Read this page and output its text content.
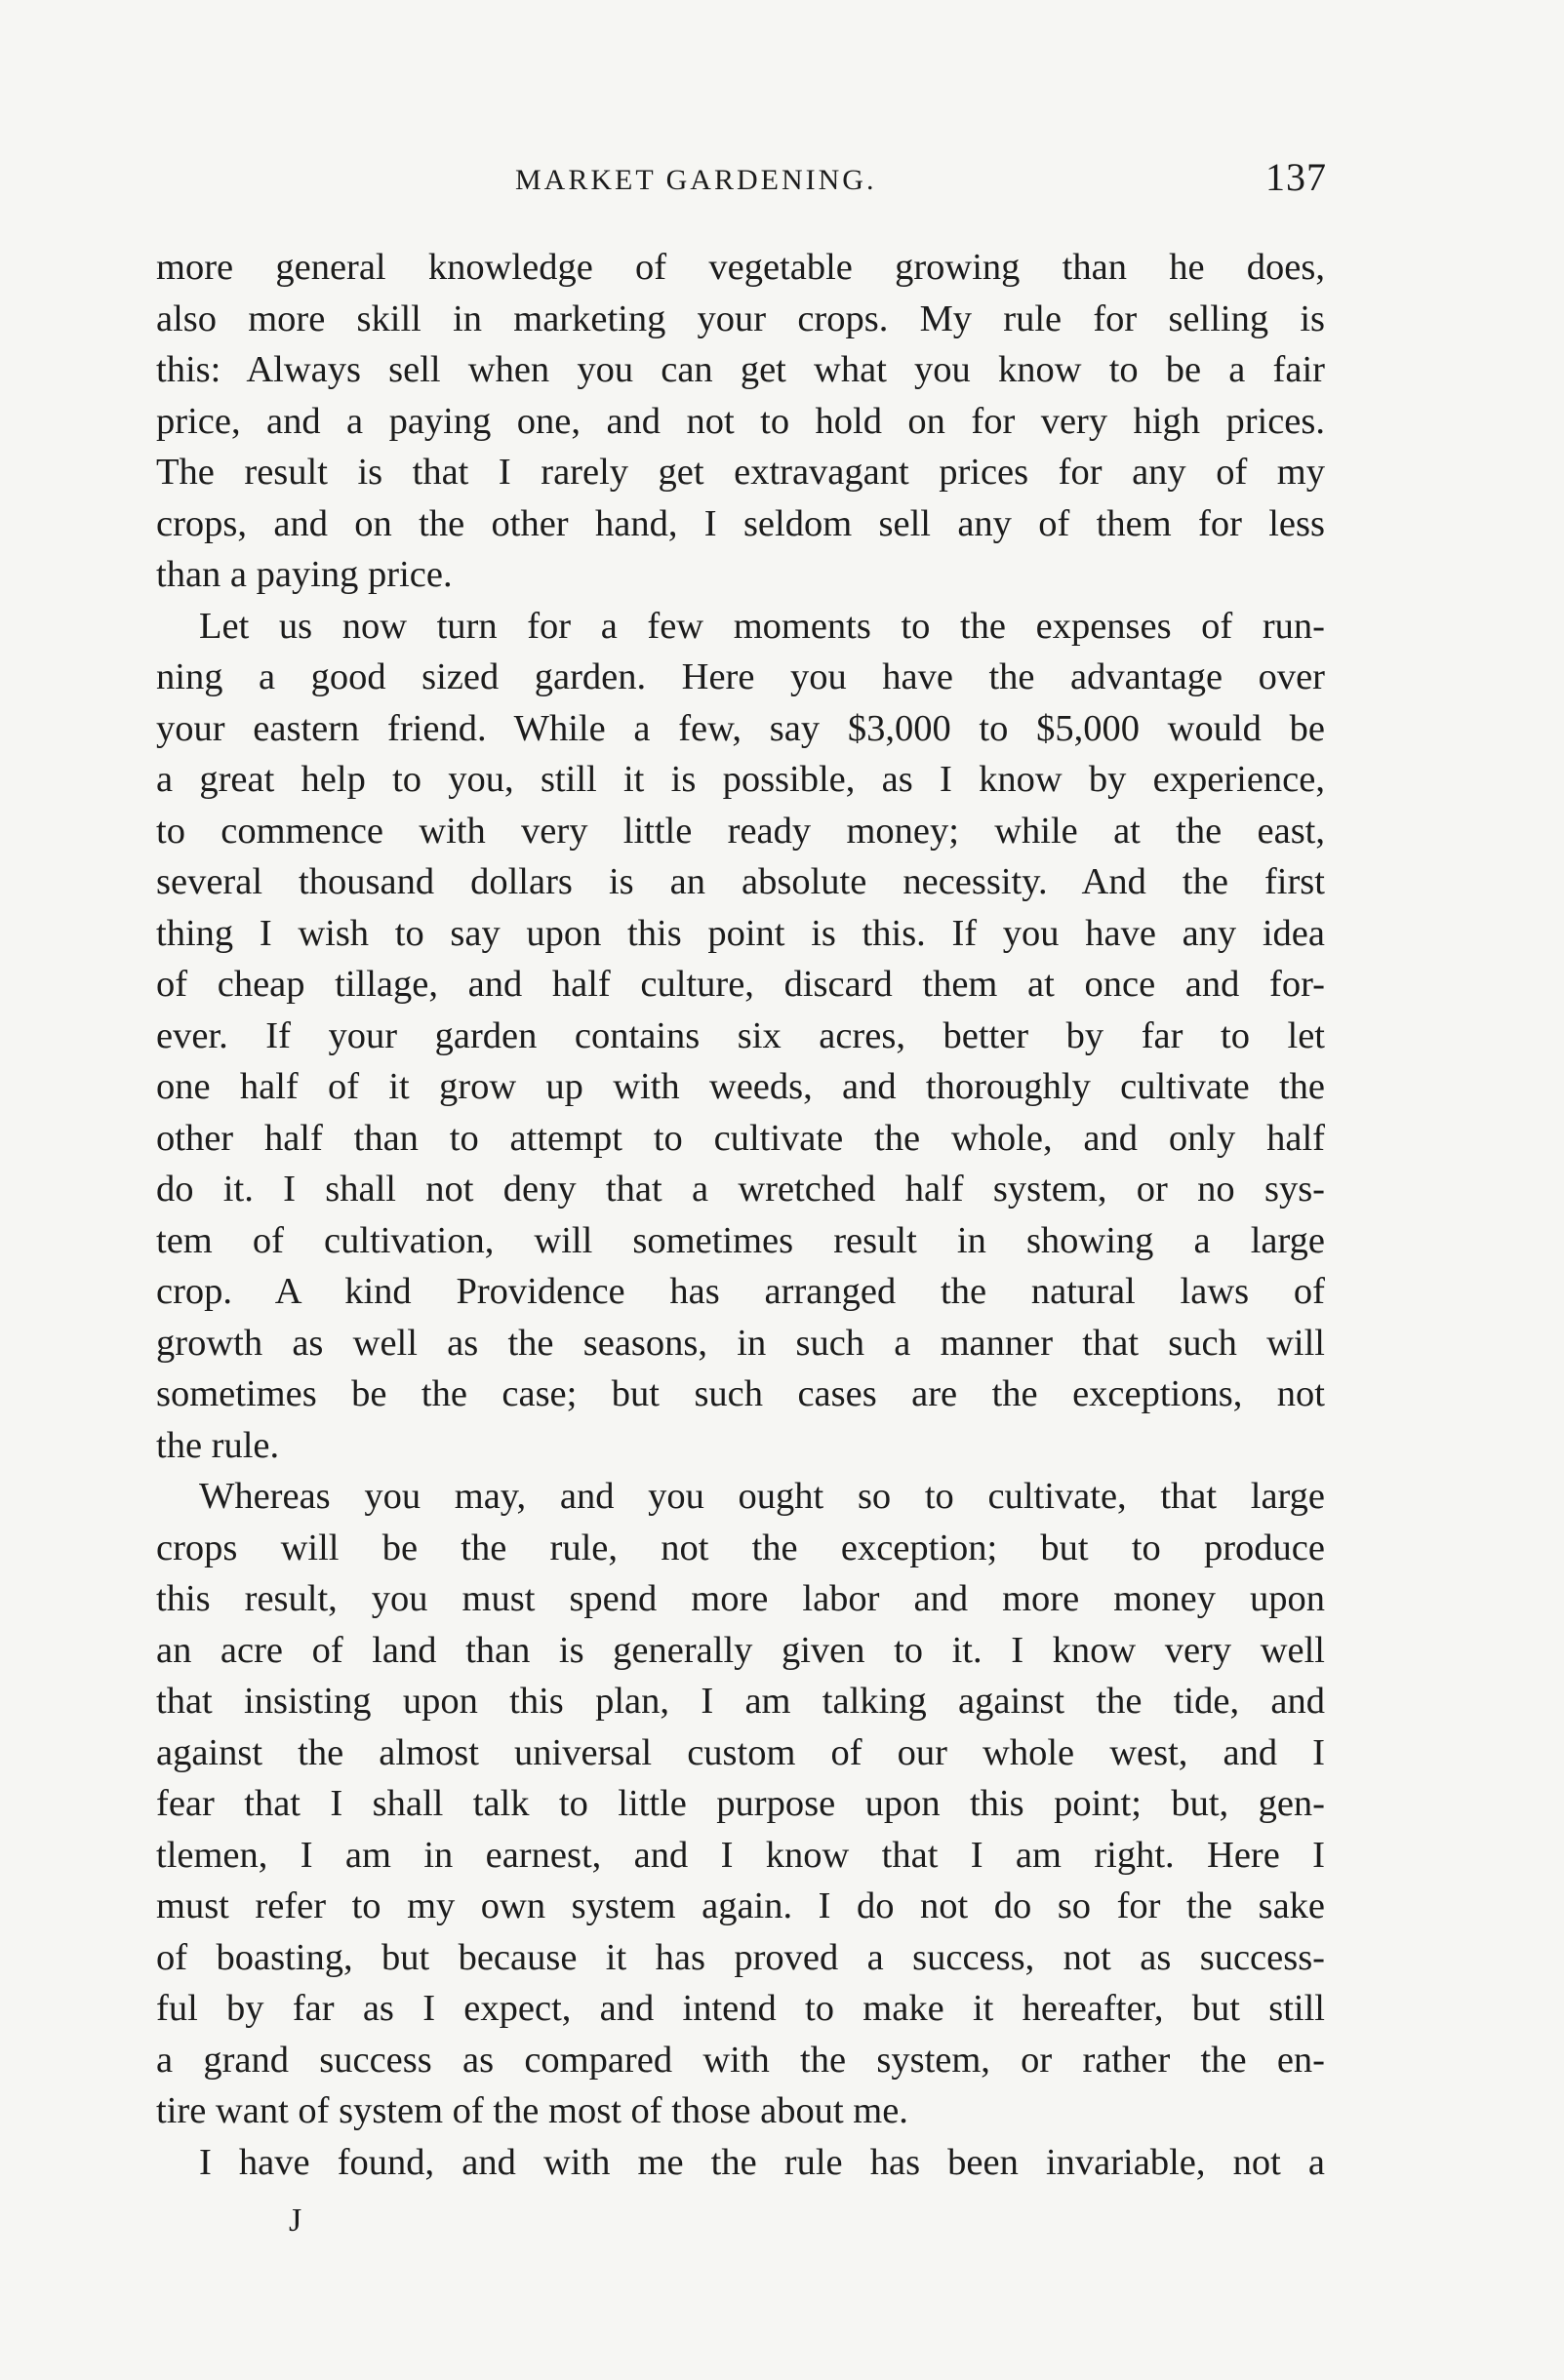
MARKET GARDENING.	137
more general knowledge of vegetable growing than he does,
also more skill in marketing your crops. My rule for selling is
this: Always sell when you can get what you know to be a fair
price, and a paying one, and not to hold on for very high prices.
The result is that I rarely get extravagant prices for any of my
crops, and on the other hand, I seldom sell any of them for less
than a paying price.
Let us now turn for a few moments to the expenses of run-
ning a good sized garden. Here you have the advantage over
your eastern friend. While a few, say $3,000 to $5,000 would be
a great help to you, still it is possible, as I know by experience,
to commence with very little ready money; while at the east,
several thousand dollars is an absolute necessity. And the first
thing I wish to say upon this point is this. If you have any idea
of cheap tillage, and half culture, discard them at once and for-
ever. If your garden contains six acres, better by far to let
one half of it grow up with weeds, and thoroughly cultivate the
other half than to attempt to cultivate the whole, and only half
do it. I shall not deny that a wretched half system, or no sys-
tem of cultivation, will sometimes result in showing a large
crop. A kind Providence has arranged the natural laws of
growth as well as the seasons, in such a manner that such will
sometimes be the case; but such cases are the exceptions, not
the rule.
Whereas you may, and you ought so to cultivate, that large
crops will be the rule, not the exception; but to produce
this result, you must spend more labor and more money upon
an acre of land than is generally given to it. I know very well
that insisting upon this plan, I am talking against the tide, and
against the almost universal custom of our whole west, and I
fear that I shall talk to little purpose upon this point; but, gen-
tlemen, I am in earnest, and I know that I am right. Here I
must refer to my own system again. I do not do so for the sake
of boasting, but because it has proved a success, not as success-
ful by far as I expect, and intend to make it hereafter, but still
a grand success as compared with the system, or rather the en-
tire want of system of the most of those about me.
I have found, and with me the rule has been invariable, not a
J
